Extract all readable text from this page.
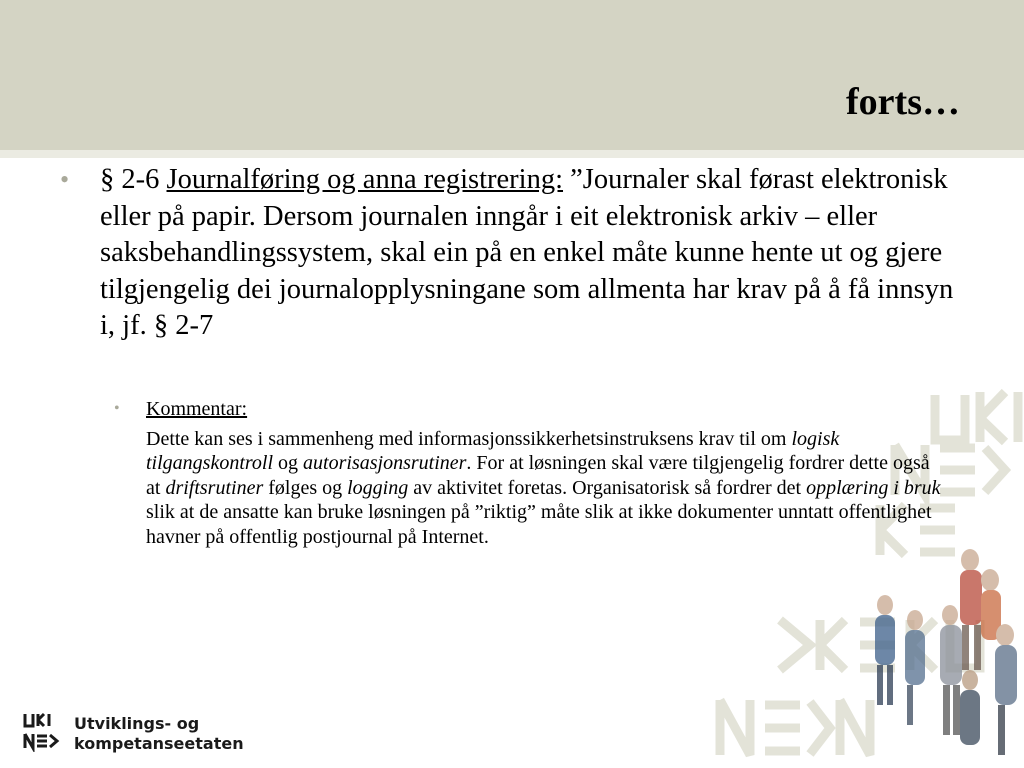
forts…

• § 2-6 Journalføring og anna registrering: ”Journaler skal førast elektronisk eller på papir. Dersom journalen inngår i eit elektronisk arkiv – eller saksbehandlingssystem, skal ein på en enkel måte kunne hente ut og gjere tilgjengelig dei journalopplysningane som allmenta har krav på å få innsyn i, jf. § 2-7

• Kommentar:

Dette kan ses i sammenheng med informasjonssikkerhetsinstruksens krav til om logisk tilgangskontroll og autorisasjonsrutiner. For at løsningen skal være tilgjengelig fordrer dette også at driftsrutiner følges og logging av aktivitet foretas. Organisatorisk så fordrer det opplæring i bruk slik at de ansatte kan bruke løsningen på ”riktig” måte slik at ikke dokumenter unntatt offentlighet havner på offentlig postjournal på Internet.

Utviklings- og
kompetanseetaten
